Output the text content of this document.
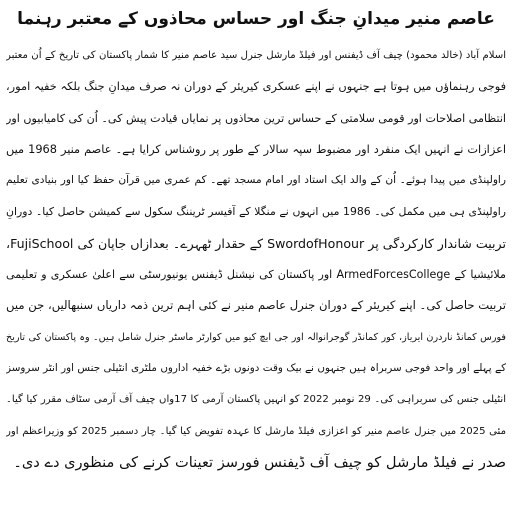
عاصم منیر میدانِ جنگ اور حساس محاذوں کے معتبر رہنما
اسلام آباد (خالد محمود) چیف آف ڈیفنس اور فیلڈ مارشل جنرل سید عاصم منیر کا شمار پاکستان کی تاریخ کے اُن معتبر
فوجی رہنماؤں میں ہوتا ہے جنہوں نے اپنے عسکری کیریئر کے دوران نہ صرف میدانِ جنگ بلکہ خفیہ امور،
انتظامی اصلاحات اور قومی سلامتی کے حساس ترین محاذوں پر نمایاں قیادت پیش کی۔ اُن کی کامیابیوں اور
اعزازات نے انہیں ایک منفرد اور مضبوط سپہ سالار کے طور پر روشناس کرایا ہے۔ عاصم منیر 1968 میں
راولپنڈی میں پیدا ہوئے۔ اُن کے والد ایک استاد اور امام مسجد تھے۔ کم عمری میں قرآن حفظ کیا اور بنیادی تعلیم
راولپنڈی ہی میں مکمل کی۔ 1986 میں انہوں نے منگلا کے آفیسر ٹریننگ سکول سے کمیشن حاصل کیا۔ دورانِ
تربیت شاندار کارکردگی پر SwordofHonour کے حقدار ٹھہرے۔ بعدازاں جاپان کی FujiSchool،
ملائیشیا کے ArmedForcesCollege اور پاکستان کی نیشنل ڈیفنس یونیورسٹی سے اعلیٰ عسکری و تعلیمی
تربیت حاصل کی۔ اپنے کیریئر کے دوران جنرل عاصم منیر نے کئی اہم ترین ذمہ داریاں سنبھالیں، جن میں
فورس کمانڈ ناردرن ایریاز، کور کمانڈر گوجرانوالہ اور جی ایچ کیو میں کوارٹر ماسٹر جنرل شامل ہیں۔ وہ پاکستان کی تاریخ
کے پہلے اور واحد فوجی سربراہ ہیں جنہوں نے بیک وقت دونوں بڑے خفیہ اداروں ملٹری انٹیلی جنس اور انٹر سروسز
انٹیلی جنس کی سربراہی کی۔ 29 نومبر 2022 کو انہیں پاکستان آرمی کا 17واں چیف آف آرمی سٹاف مقرر کیا گیا۔
مئی 2025 میں جنرل عاصم منیر کو اعزازی فیلڈ مارشل کا عہدہ تفویض کیا گیا۔ چار دسمبر 2025 کو وزیراعظم اور
صدر نے فیلڈ مارشل کو چیف آف ڈیفنس فورسز تعینات کرنے کی منظوری دے دی۔
